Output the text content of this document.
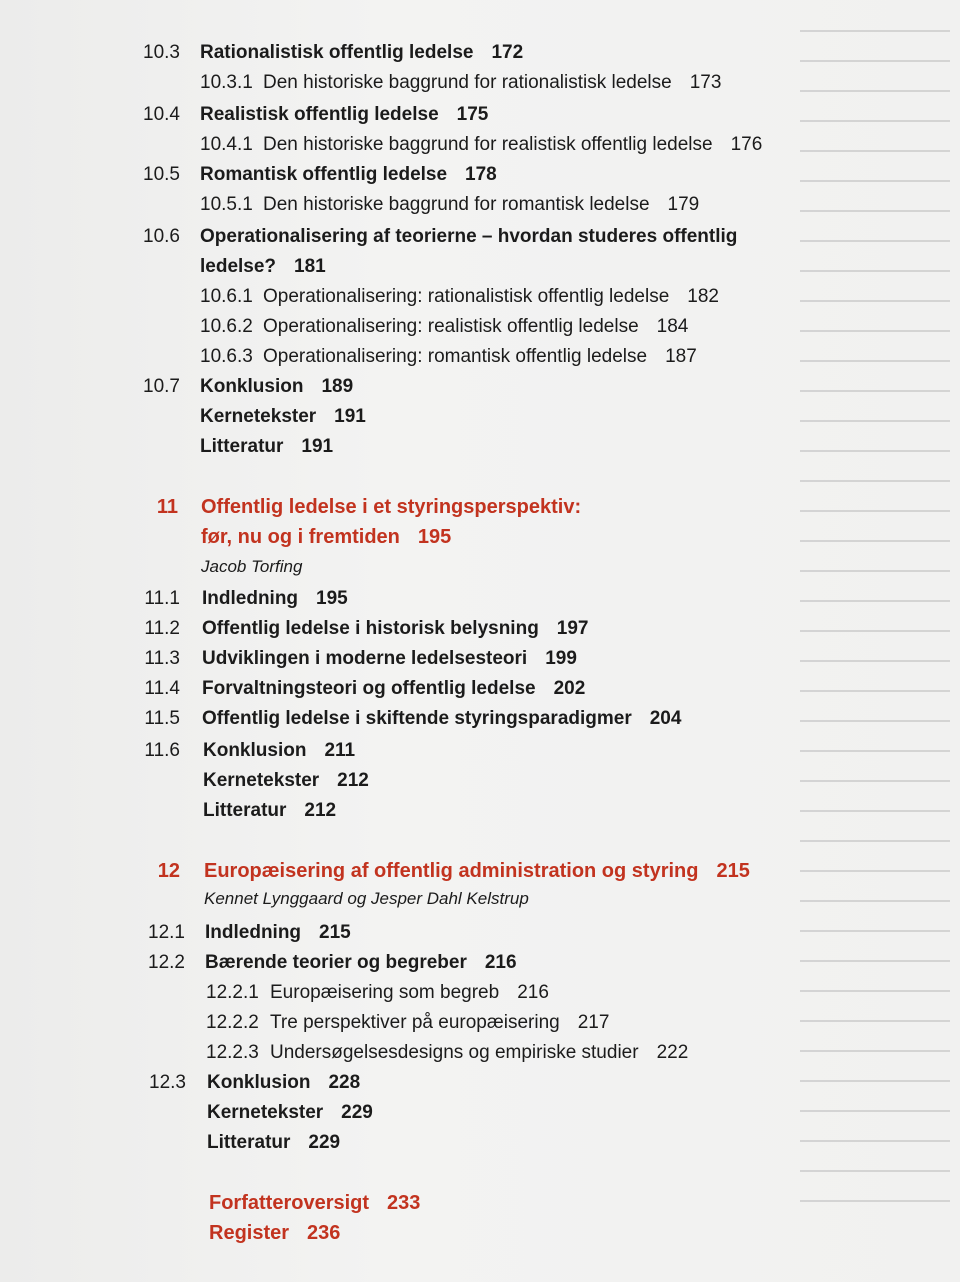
10.3 Rationalistisk offentlig ledelse 172
10.3.1 Den historiske baggrund for rationalistisk ledelse 173
10.4 Realistisk offentlig ledelse 175
10.4.1 Den historiske baggrund for realistisk offentlig ledelse 176
10.5 Romantisk offentlig ledelse 178
10.5.1 Den historiske baggrund for romantisk ledelse 179
10.6 Operationalisering af teorierne – hvordan studeres offentlig
ledelse? 181
10.6.1 Operationalisering: rationalistisk offentlig ledelse 182
10.6.2 Operationalisering: realistisk offentlig ledelse 184
10.6.3 Operationalisering: romantisk offentlig ledelse 187
10.7 Konklusion 189
Kernetekster 191
Litteratur 191
11 Offentlig ledelse i et styringsperspektiv:
før, nu og i fremtiden 195
Jacob Torfing
11.1 Indledning 195
11.2 Offentlig ledelse i historisk belysning 197
11.3 Udviklingen i moderne ledelsesteori 199
11.4 Forvaltningsteori og offentlig ledelse 202
11.5 Offentlig ledelse i skiftende styringsparadigmer 204
11.6 Konklusion 211
Kernetekster 212
Litteratur 212
12 Europæisering af offentlig administration og styring 215
Kennet Lynggaard og Jesper Dahl Kelstrup
12.1 Indledning 215
12.2 Bærende teorier og begreber 216
12.2.1 Europæisering som begreb 216
12.2.2 Tre perspektiver på europæisering 217
12.2.3 Undersøgelsesdesigns og empiriske studier 222
12.3 Konklusion 228
Kernetekster 229
Litteratur 229
Forfatteroversigt 233
Register 236
